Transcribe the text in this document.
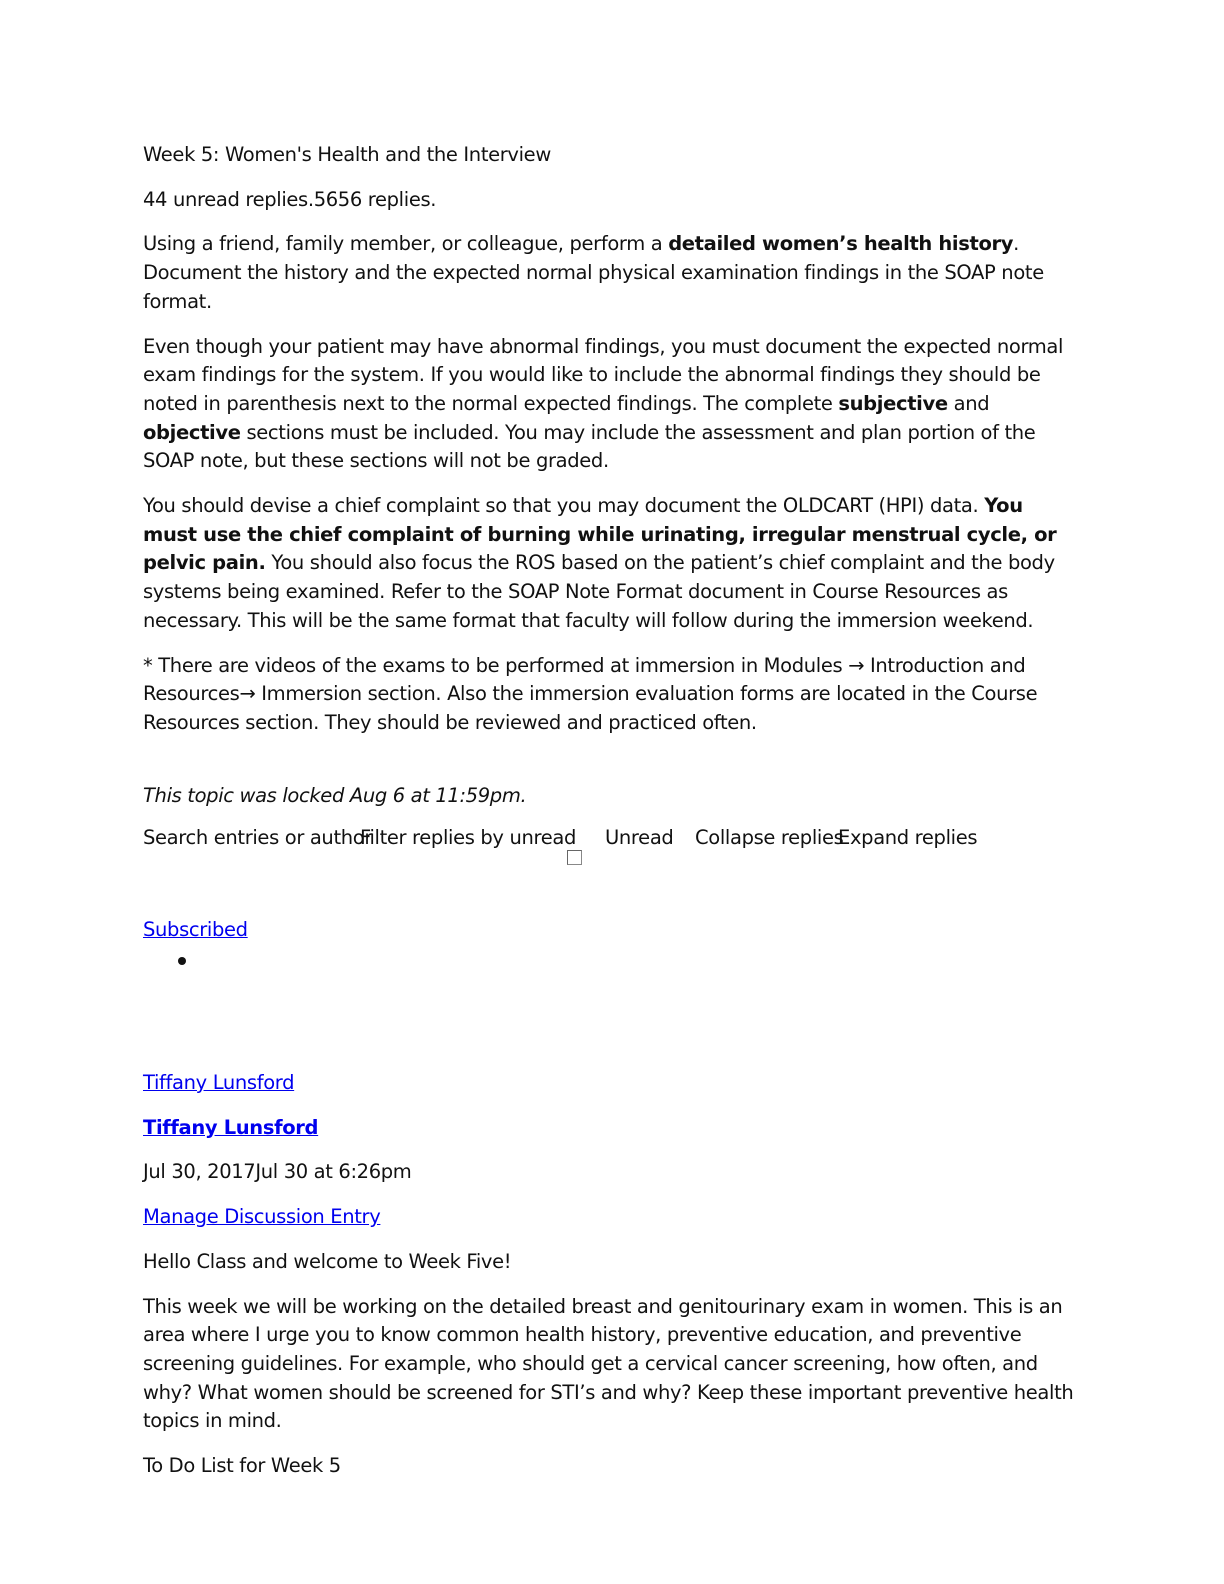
Week 5: Women's Health and the Interview

44 unread replies.5656 replies.

Using a friend, family member, or colleague, perform a detailed women’s health history. Document the history and the expected normal physical examination findings in the SOAP note format.

Even though your patient may have abnormal findings, you must document the expected normal exam findings for the system. If you would like to include the abnormal findings they should be noted in parenthesis next to the normal expected findings. The complete subjective and objective sections must be included. You may include the assessment and plan portion of the SOAP note, but these sections will not be graded.

You should devise a chief complaint so that you may document the OLDCART (HPI) data. You must use the chief complaint of burning while urinating, irregular menstrual cycle, or pelvic pain. You should also focus the ROS based on the patient’s chief complaint and the body systems being examined. Refer to the SOAP Note Format document in Course Resources as necessary. This will be the same format that faculty will follow during the immersion weekend.

* There are videos of the exams to be performed at immersion in Modules → Introduction and Resources→ Immersion section. Also the immersion evaluation forms are located in the Course Resources section. They should be reviewed and practiced often.

This topic was locked Aug 6 at 11:59pm.

Search entries or author
Filter replies by unread Unread Collapse replies
Expand replies

Subscribed

Tiffany Lunsford

Tiffany Lunsford

Jul 30, 2017Jul 30 at 6:26pm

Manage Discussion Entry

Hello Class and welcome to Week Five!

This week we will be working on the detailed breast and genitourinary exam in women. This is an area where I urge you to know common health history, preventive education, and preventive screening guidelines. For example, who should get a cervical cancer screening, how often, and why? What women should be screened for STI’s and why? Keep these important preventive health topics in mind.

To Do List for Week 5
